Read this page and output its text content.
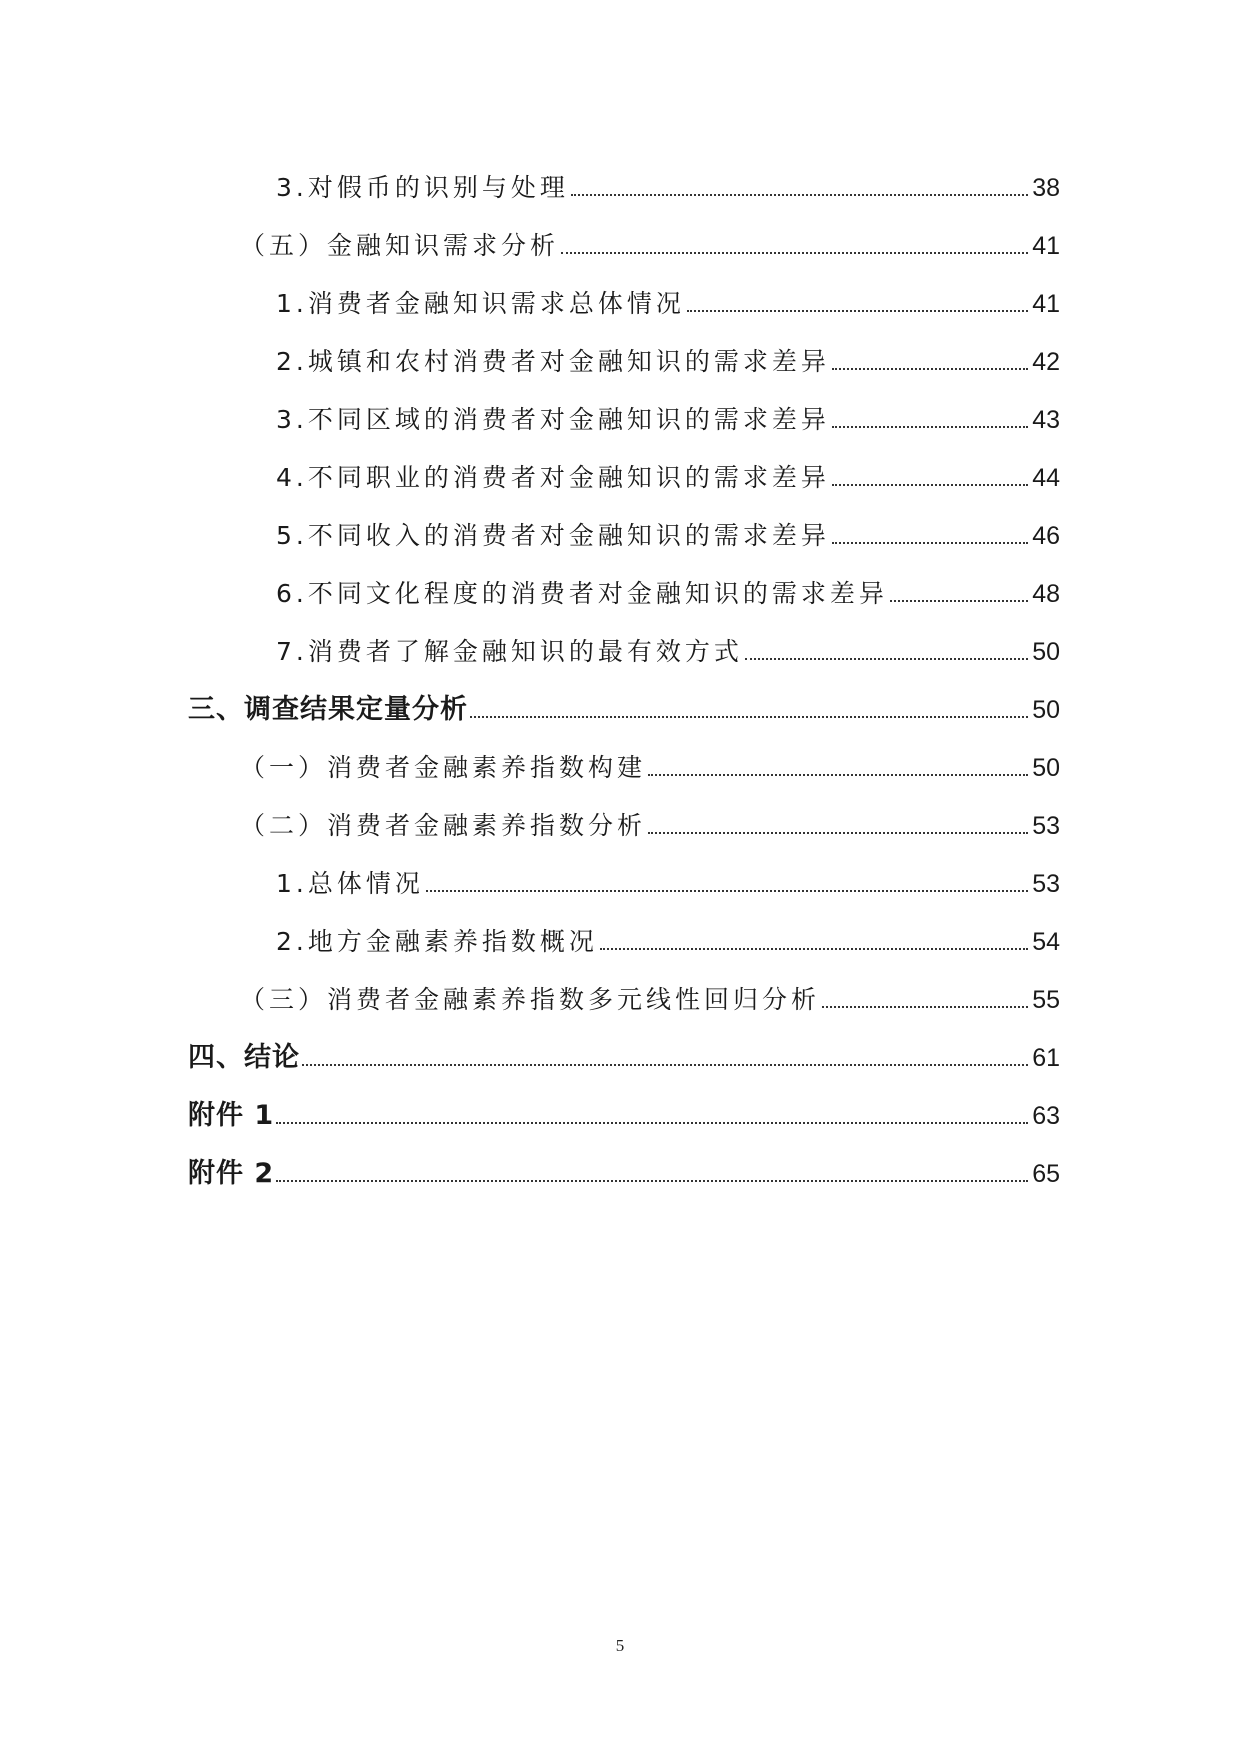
3.对假币的识别与处理	38
（五）金融知识需求分析	41
1.消费者金融知识需求总体情况	41
2.城镇和农村消费者对金融知识的需求差异	42
3.不同区域的消费者对金融知识的需求差异	43
4.不同职业的消费者对金融知识的需求差异	44
5.不同收入的消费者对金融知识的需求差异	46
6.不同文化程度的消费者对金融知识的需求差异	48
7.消费者了解金融知识的最有效方式	50
三、调查结果定量分析	50
（一）消费者金融素养指数构建	50
（二）消费者金融素养指数分析	53
1.总体情况	53
2.地方金融素养指数概况	54
（三）消费者金融素养指数多元线性回归分析	55
四、结论	61
附件 1	63
附件 2	65
5
